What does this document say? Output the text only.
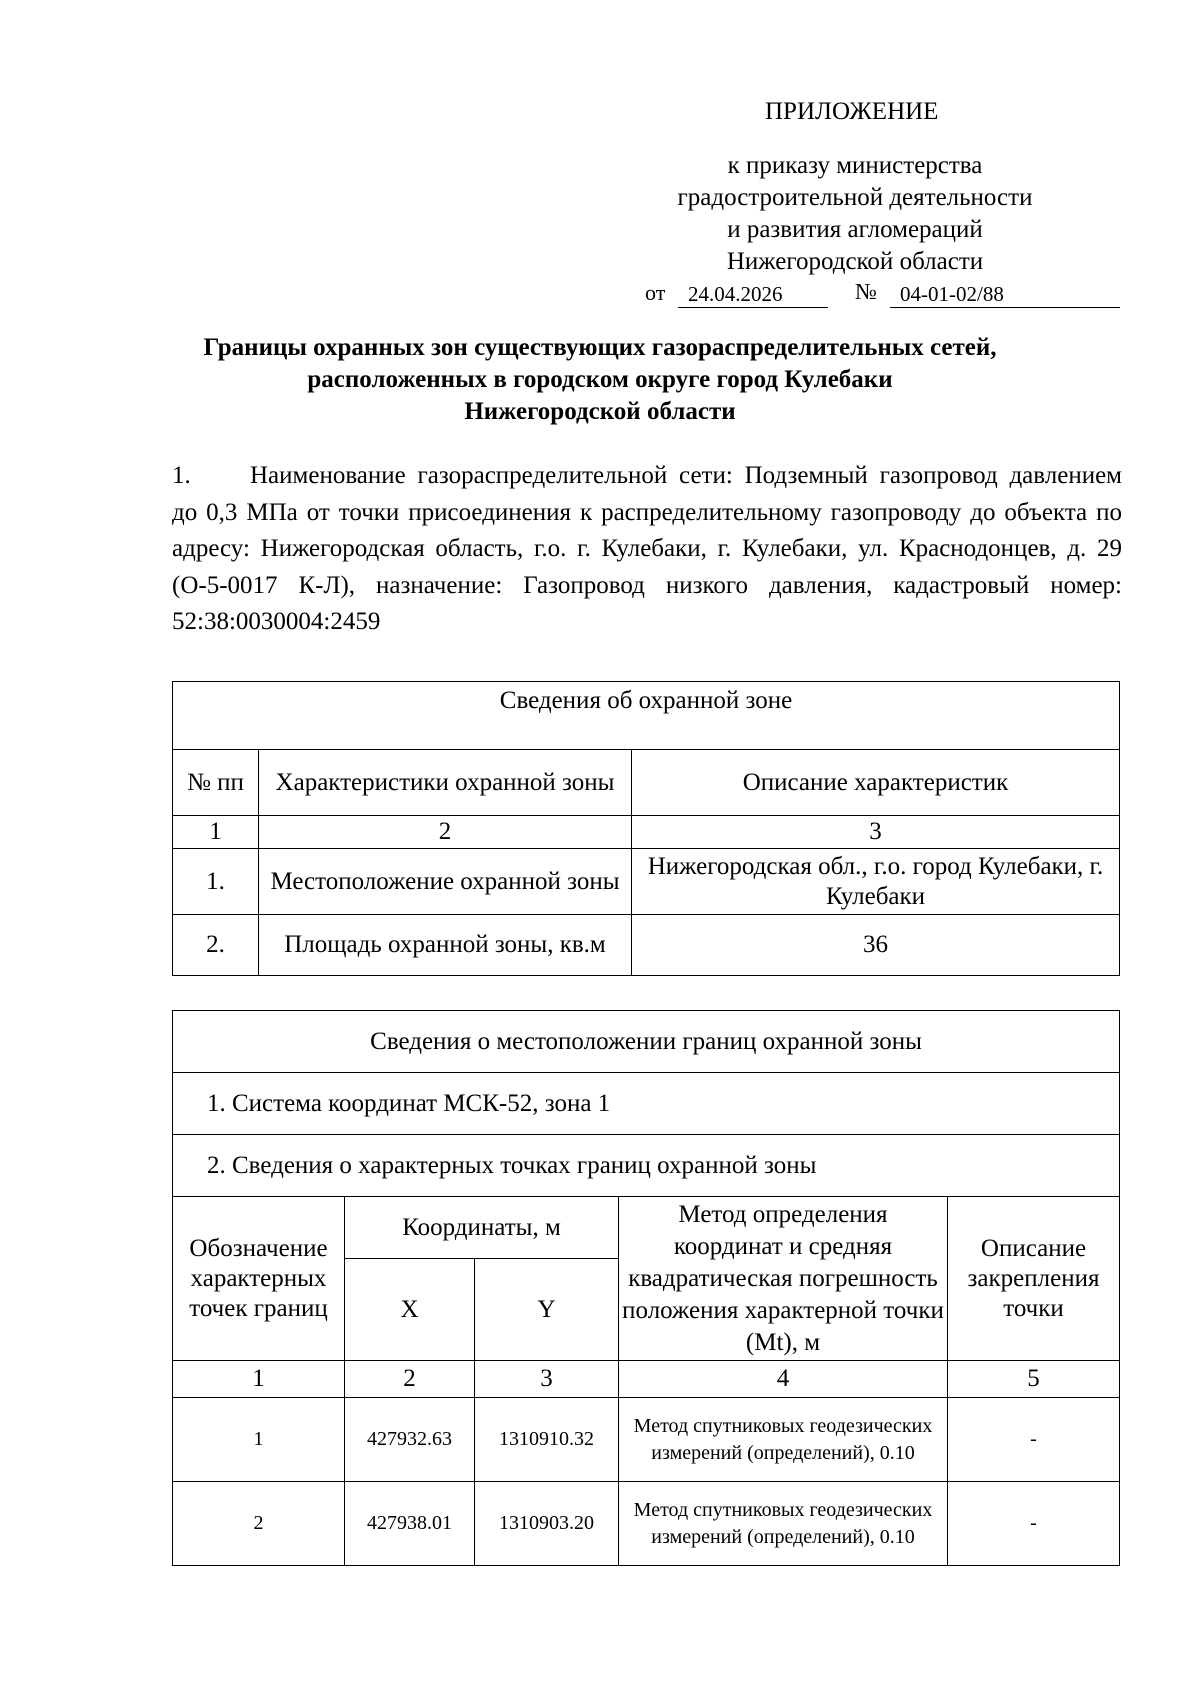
ПРИЛОЖЕНИЕ
к приказу министерства
градостроительной деятельности
и развития агломераций
Нижегородской области
от	24.04.2026	№	04-01-02/88
Границы охранных зон существующих газораспределительных сетей,
расположенных в городском округе город Кулебаки
Нижегородской области
1. Наименование газораспределительной сети: Подземный газопровод давлением до 0,3 МПа от точки присоединения к распределительному газопроводу до объекта по адресу: Нижегородская область, г.о. г. Кулебаки, г. Кулебаки, ул. Краснодонцев, д. 29 (О-5-0017 К-Л), назначение: Газопровод низкого давления, кадастровый номер: 52:38:0030004:2459
Сведения об охранной зоне		
№ пп	Характеристики охранной зоны	Описание характеристик
1	2	3
1.	Местоположение охранной зоны	Нижегородская обл., г.о. город Кулебаки, г. Кулебаки
2.	Площадь охранной зоны, кв.м	36
Сведения о местоположении границ охранной зоны				
1. Система координат МСК-52, зона 1				
2. Сведения о характерных точках границ охранной зоны				
Обозначение характерных точек границ	Координаты, м		Метод определения координат и средняя квадратическая погрешность положения характерной точки (Mt), м	Описание закрепления точки
	X	Y		
1	2	3	4	5
1	427932.63	1310910.32	Метод спутниковых геодезических измерений (определений), 0.10	-
2	427938.01	1310903.20	Метод спутниковых геодезических измерений (определений), 0.10	-
